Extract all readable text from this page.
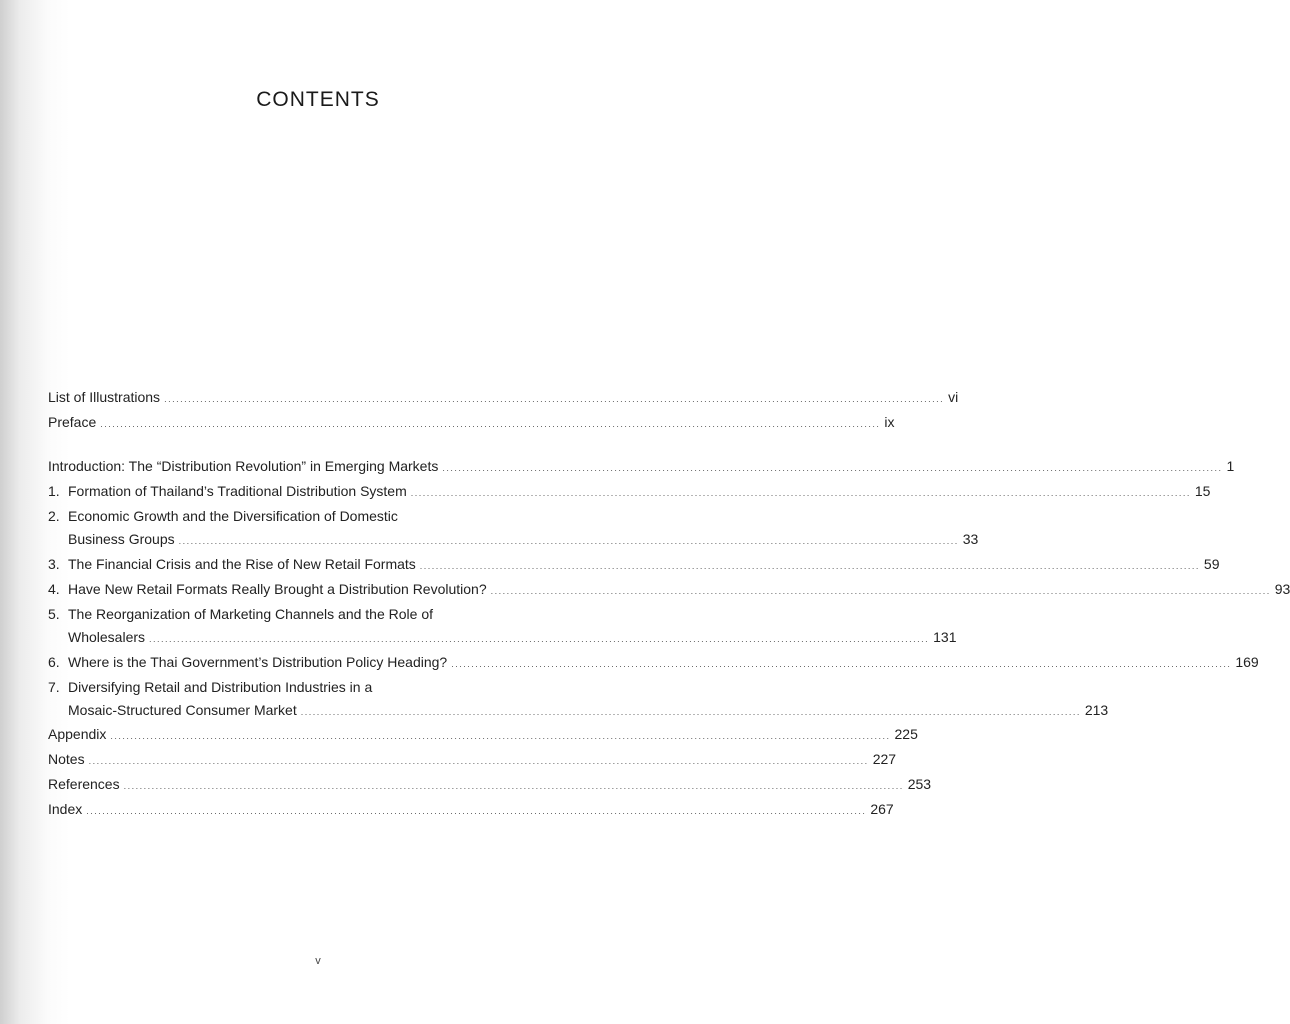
CONTENTS
List of Illustrations .....	vi
Preface .....	ix
Introduction: The “Distribution Revolution” in Emerging Markets .....	1
1. Formation of Thailand’s Traditional Distribution System .....	15
2. Economic Growth and the Diversification of Domestic
Business Groups .....	33
3. The Financial Crisis and the Rise of New Retail Formats .....	59
4. Have New Retail Formats Really Brought a Distribution Revolution? .....	93
5. The Reorganization of Marketing Channels and the Role of
Wholesalers .....	131
6. Where is the Thai Government’s Distribution Policy Heading? .....	169
7. Diversifying Retail and Distribution Industries in a
Mosaic-Structured Consumer Market .....	213
Appendix .....	225
Notes .....	227
References .....	253
Index .....	267
v
